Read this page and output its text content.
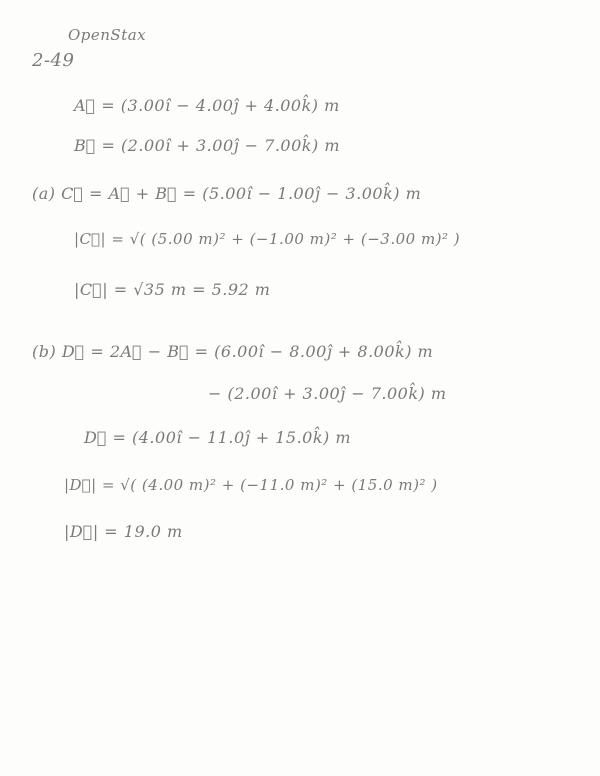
OpenStax

2-49

A⃗ = (3.00î − 4.00ĵ + 4.00k̂) m

B⃗ = (2.00î + 3.00ĵ − 7.00k̂) m

(a) C⃗ = A⃗ + B⃗ = (5.00î − 1.00ĵ − 3.00k̂) m

|C⃗| = √( (5.00 m)² + (−1.00 m)² + (−3.00 m)² )

|C⃗| = √35 m = 5.92 m

(b) D⃗ = 2A⃗ − B⃗ = (6.00î − 8.00ĵ + 8.00k̂) m

− (2.00î + 3.00ĵ − 7.00k̂) m

D⃗ = (4.00î − 11.0ĵ + 15.0k̂) m

|D⃗| = √( (4.00 m)² + (−11.0 m)² + (15.0 m)² )

|D⃗| = 19.0 m
